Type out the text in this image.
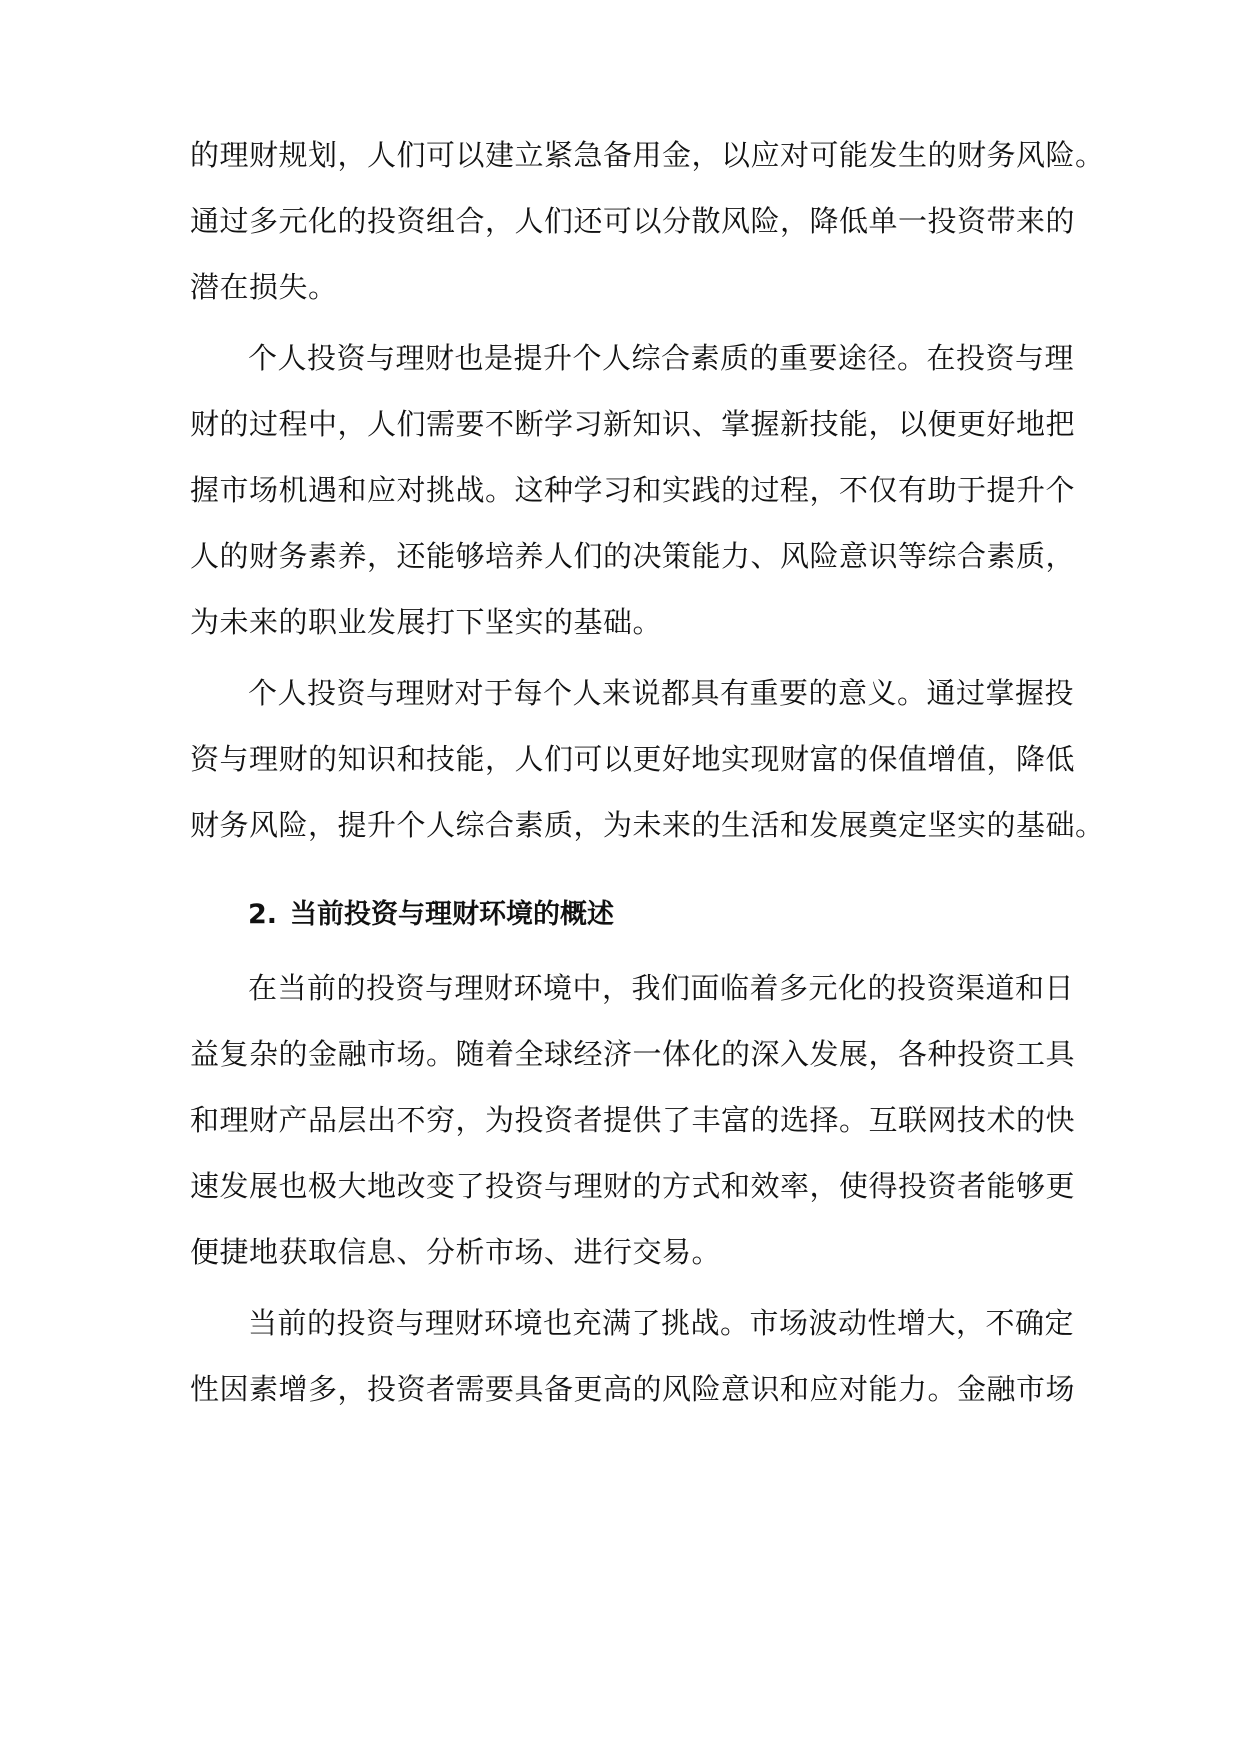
的理财规划，人们可以建立紧急备用金，以应对可能发生的财务风险。
通过多元化的投资组合，人们还可以分散风险，降低单一投资带来的
潜在损失。
个人投资与理财也是提升个人综合素质的重要途径。在投资与理
财的过程中，人们需要不断学习新知识、掌握新技能，以便更好地把
握市场机遇和应对挑战。这种学习和实践的过程，不仅有助于提升个
人的财务素养，还能够培养人们的决策能力、风险意识等综合素质，
为未来的职业发展打下坚实的基础。
个人投资与理财对于每个人来说都具有重要的意义。通过掌握投
资与理财的知识和技能，人们可以更好地实现财富的保值增值，降低
财务风险，提升个人综合素质，为未来的生活和发展奠定坚实的基础。
2. 当前投资与理财环境的概述
在当前的投资与理财环境中，我们面临着多元化的投资渠道和日
益复杂的金融市场。随着全球经济一体化的深入发展，各种投资工具
和理财产品层出不穷，为投资者提供了丰富的选择。互联网技术的快
速发展也极大地改变了投资与理财的方式和效率，使得投资者能够更
便捷地获取信息、分析市场、进行交易。
当前的投资与理财环境也充满了挑战。市场波动性增大，不确定
性因素增多，投资者需要具备更高的风险意识和应对能力。金融市场
